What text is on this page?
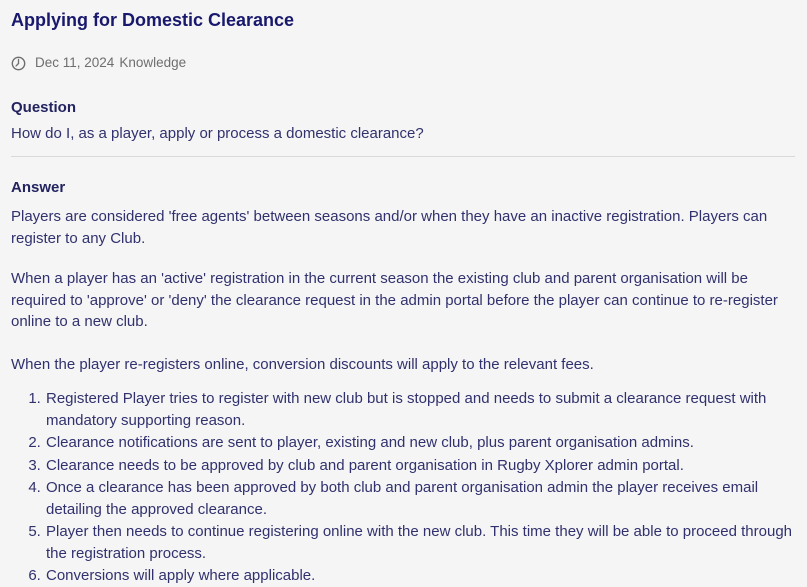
Applying for Domestic Clearance
Dec 11, 2024 Knowledge
Question

How do I, as a player, apply or process a domestic clearance?

Answer

Players are considered 'free agents' between seasons and/or when they have an inactive registration. Players can register to any Club.

When a player has an 'active' registration in the current season the existing club and parent organisation will be required to 'approve' or 'deny' the clearance request in the admin portal before the player can continue to re-register online to a new club.

When the player re-registers online, conversion discounts will apply to the relevant fees.

1. Registered Player tries to register with new club but is stopped and needs to submit a clearance request with mandatory supporting reason.
2. Clearance notifications are sent to player, existing and new club, plus parent organisation admins.
3. Clearance needs to be approved by club and parent organisation in Rugby Xplorer admin portal.
4. Once a clearance has been approved by both club and parent organisation admin the player receives email detailing the approved clearance.
5. Player then needs to continue registering online with the new club. This time they will be able to proceed through the registration process.
6. Conversions will apply where applicable.
